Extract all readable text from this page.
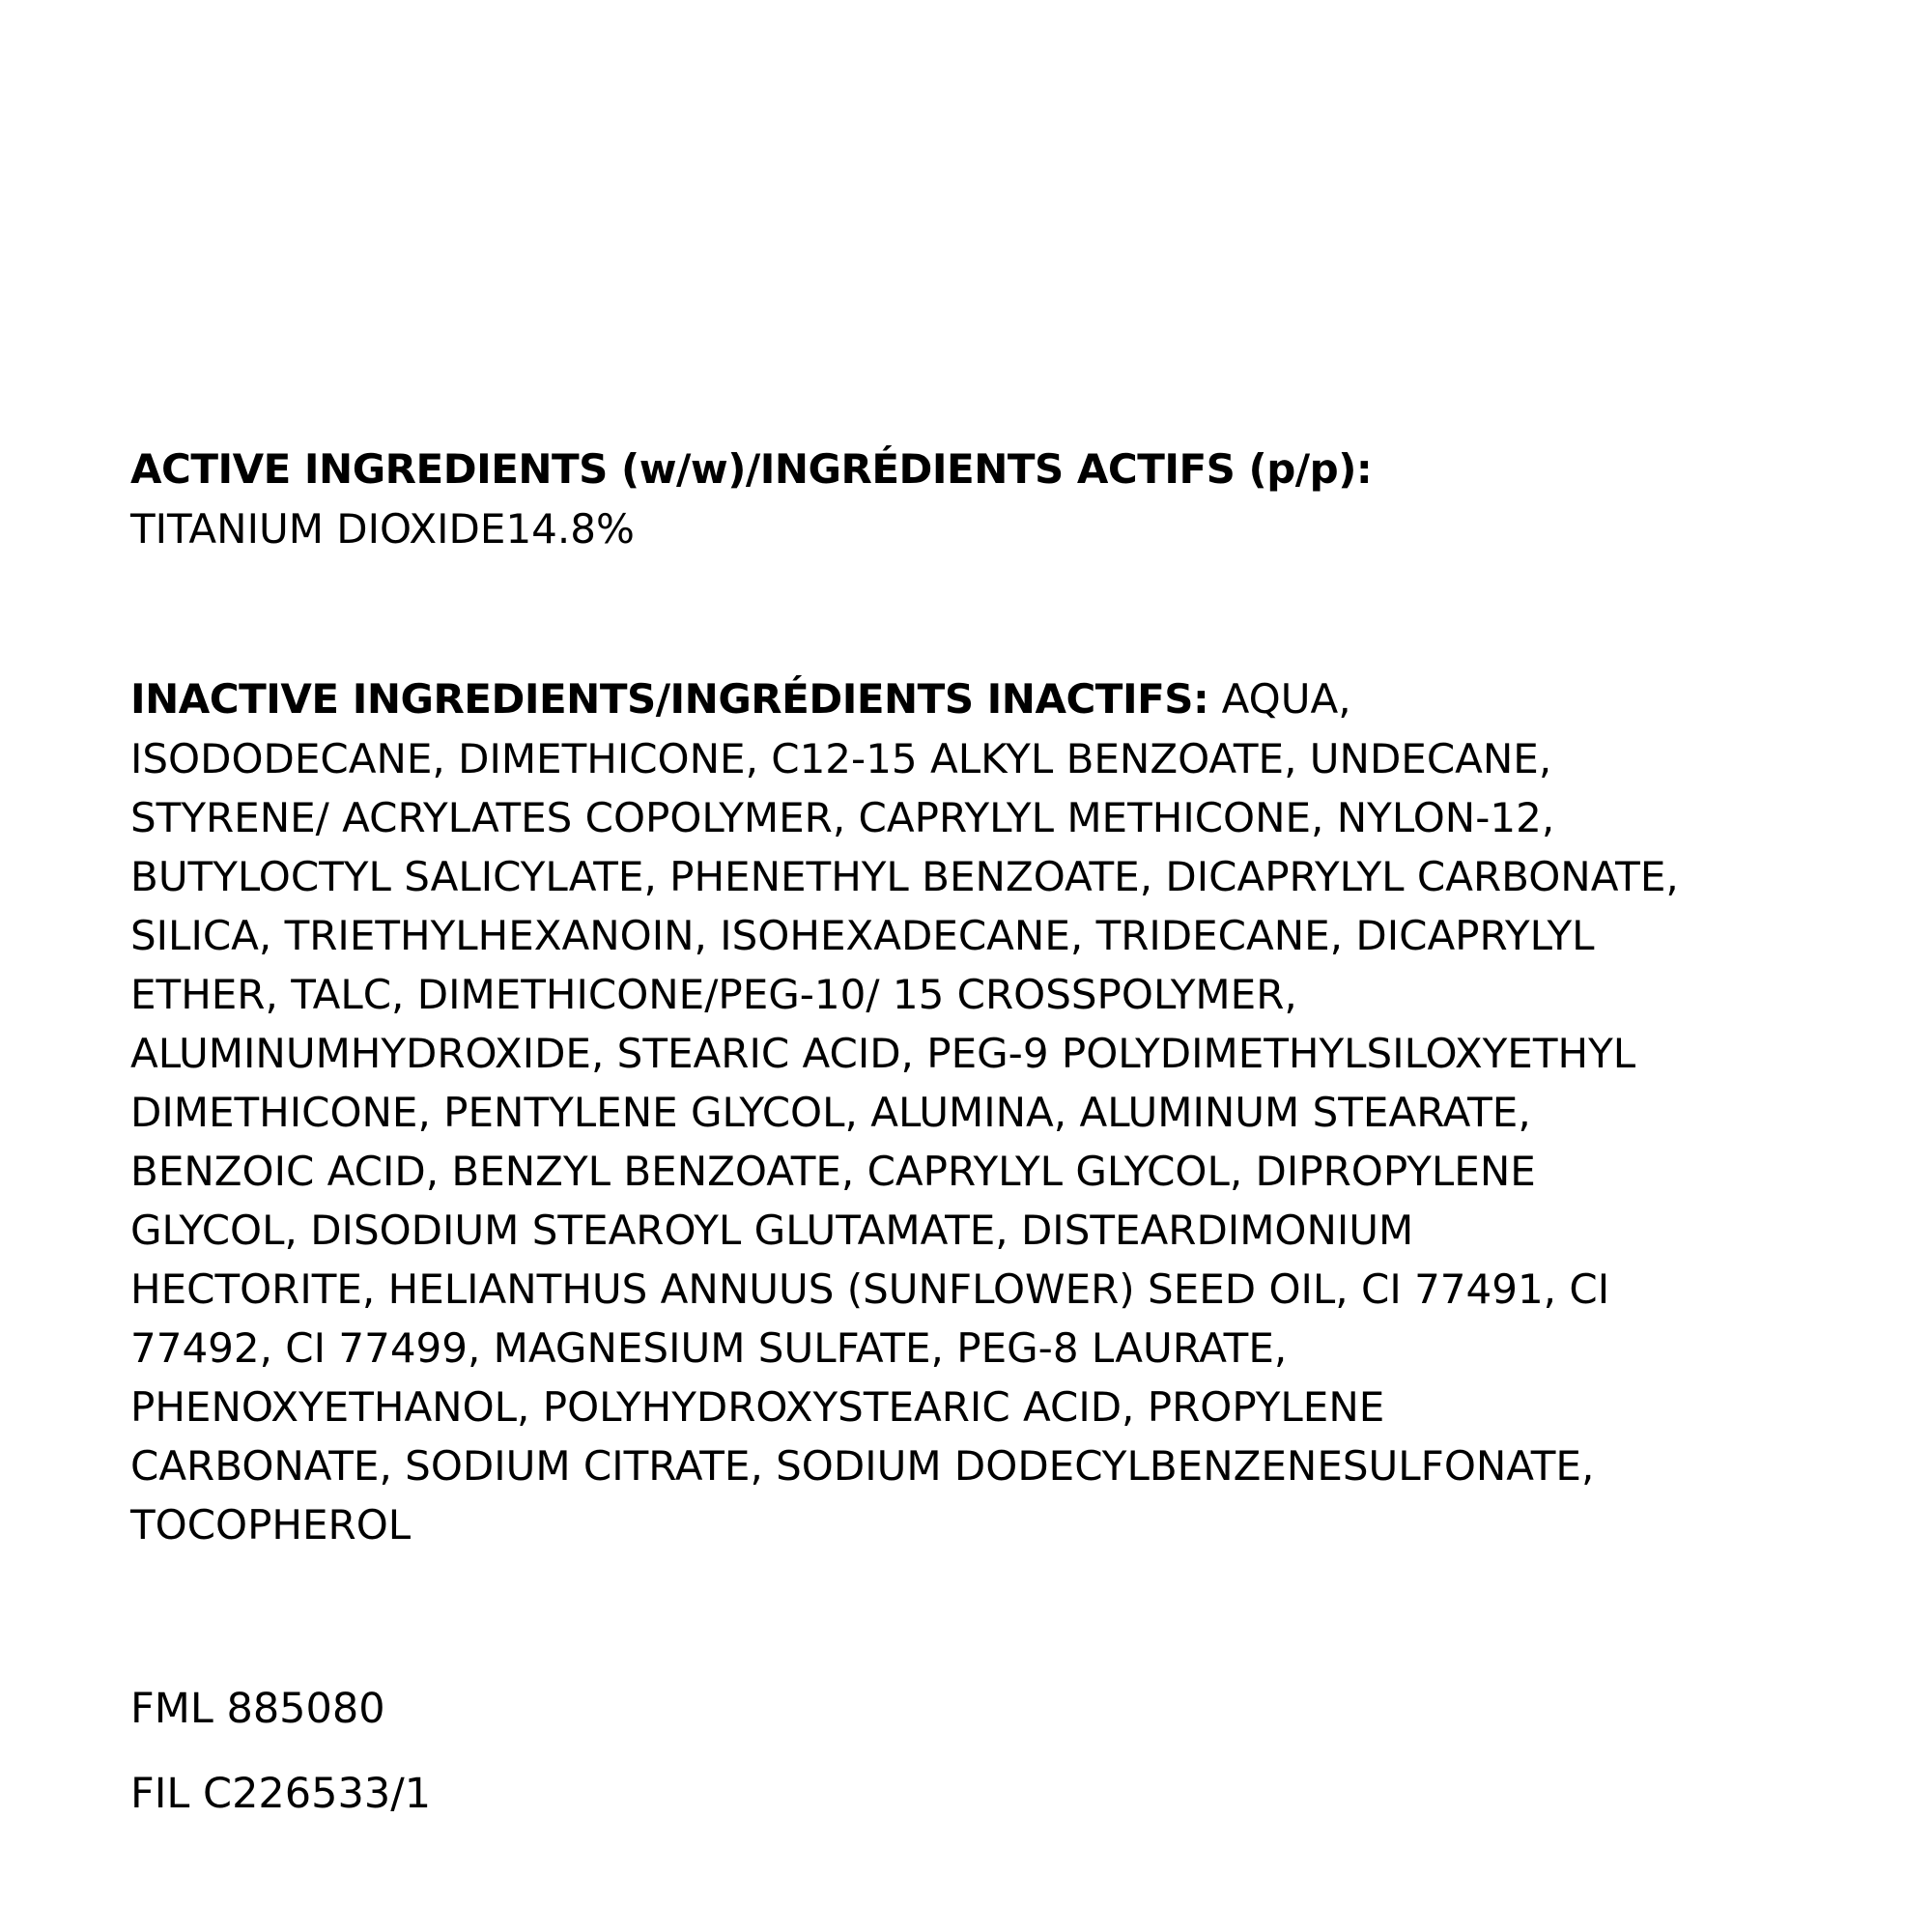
ACTIVE INGREDIENTS (w/w)/INGRÉDIENTS ACTIFS (p/p):
TITANIUM DIOXIDE14.8%
INACTIVE INGREDIENTS/INGRÉDIENTS INACTIFS: AQUA,
ISODODECANE, DIMETHICONE, C12-15 ALKYL BENZOATE, UNDECANE,
STYRENE/ ACRYLATES COPOLYMER, CAPRYLYL METHICONE, NYLON-12,
BUTYLOCTYL SALICYLATE, PHENETHYL BENZOATE, DICAPRYLYL CARBONATE,
SILICA, TRIETHYLHEXANOIN, ISOHEXADECANE, TRIDECANE, DICAPRYLYL
ETHER, TALC, DIMETHICONE/PEG-10/ 15 CROSSPOLYMER,
ALUMINUMHYDROXIDE, STEARIC ACID, PEG-9 POLYDIMETHYLSILOXYETHYL
DIMETHICONE, PENTYLENE GLYCOL, ALUMINA, ALUMINUM STEARATE,
BENZOIC ACID, BENZYL BENZOATE, CAPRYLYL GLYCOL, DIPROPYLENE
GLYCOL, DISODIUM STEAROYL GLUTAMATE, DISTEARDIMONIUM
HECTORITE, HELIANTHUS ANNUUS (SUNFLOWER) SEED OIL, CI 77491, CI
77492, CI 77499, MAGNESIUM SULFATE, PEG-8 LAURATE,
PHENOXYETHANOL, POLYHYDROXYSTEARIC ACID, PROPYLENE
CARBONATE, SODIUM CITRATE, SODIUM DODECYLBENZENESULFONATE,
TOCOPHEROL
FML 885080
FIL C226533/1
